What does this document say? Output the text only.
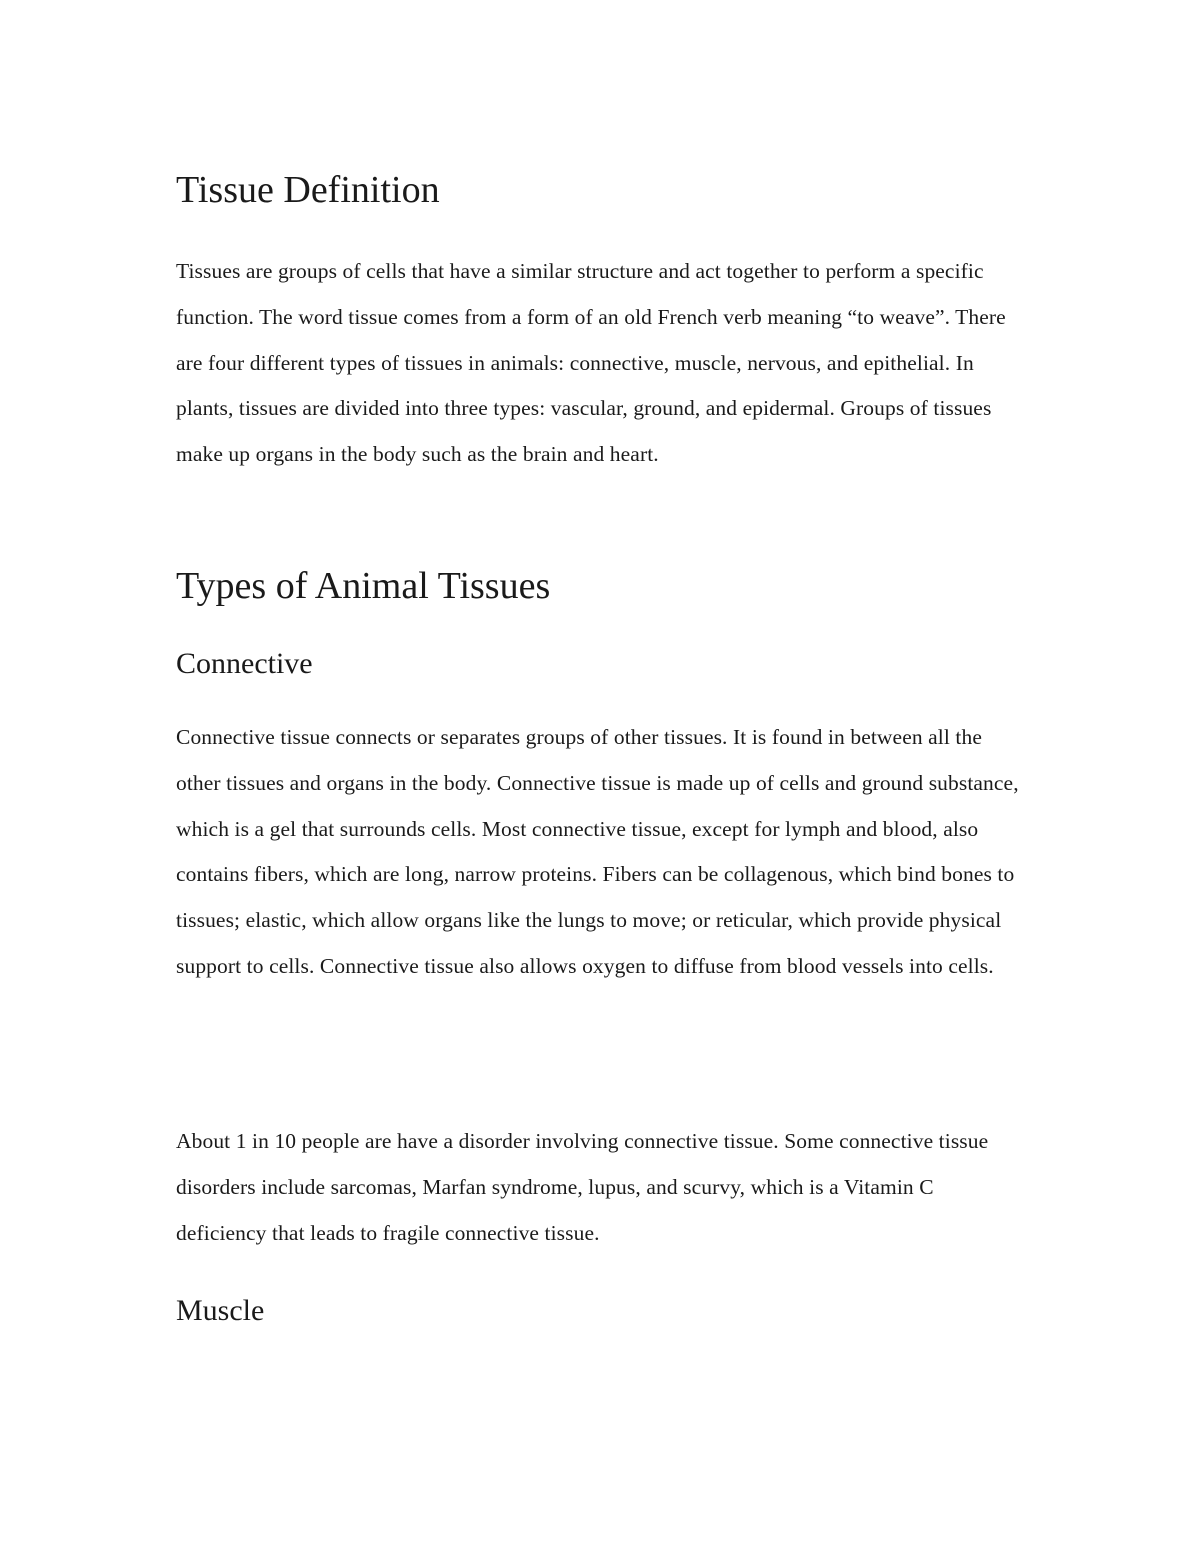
Tissue Definition

Tissues are groups of cells that have a similar structure and act together to perform a specific function. The word tissue comes from a form of an old French verb meaning “to weave”. There are four different types of tissues in animals: connective, muscle, nervous, and epithelial. In plants, tissues are divided into three types: vascular, ground, and epidermal. Groups of tissues make up organs in the body such as the brain and heart.

Types of Animal Tissues
Connective

Connective tissue connects or separates groups of other tissues. It is found in between all the other tissues and organs in the body. Connective tissue is made up of cells and ground substance, which is a gel that surrounds cells. Most connective tissue, except for lymph and blood, also contains fibers, which are long, narrow proteins. Fibers can be collagenous, which bind bones to tissues; elastic, which allow organs like the lungs to move; or reticular, which provide physical support to cells. Connective tissue also allows oxygen to diffuse from blood vessels into cells.

About 1 in 10 people are have a disorder involving connective tissue. Some connective tissue disorders include sarcomas, Marfan syndrome, lupus, and scurvy, which is a Vitamin C deficiency that leads to fragile connective tissue.

Muscle
